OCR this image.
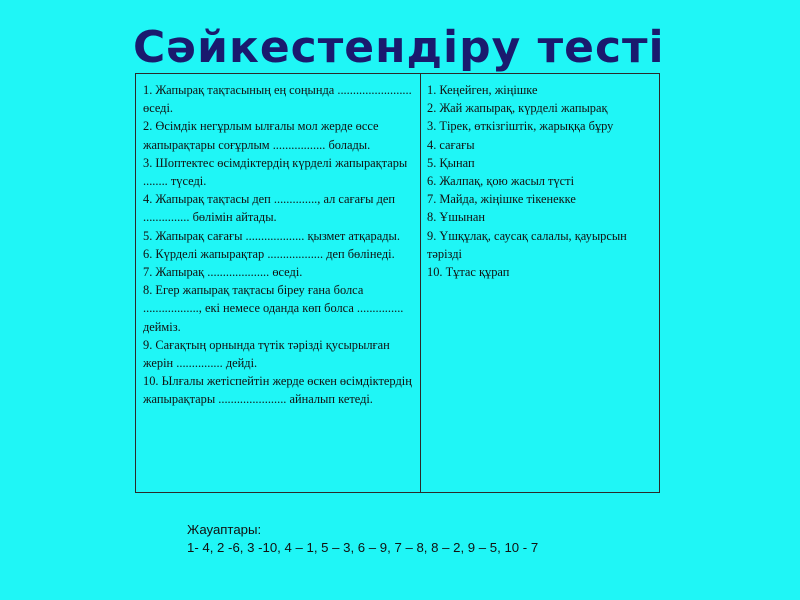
Сәйкестендіру тесті

1. Жапырақ тақтасының ең соңында ........................ өседі.

2. Өсімдік негұрлым ылғалы мол жерде өссе жапырақтары соғұрлым ................. болады.

3. Шоптектес өсімдіктердің күрделі жапырақтары ........ түседі.

4. Жапырақ тақтасы деп .............., ал сағағы деп ............... бөлімін айтады.

5. Жапырақ сағағы ................... қызмет атқарады.

6. Күрделі жапырақтар .................. деп бөлінеді.

7. Жапырақ .................... өседі.

8. Егер жапырақ тақтасы біреу ғана болса .................., екі немесе оданда көп болса ............... дейміз.

9. Сағақтың орнында түтік тәрізді қусырылған жерін ............... дейді.

10. Ылғалы жетіспейтін жерде өскен өсімдіктердің жапырақтары ...................... айналып кетеді.

1. Кеңейген, жіңішке

2. Жай жапырақ, күрделі жапырақ

3. Тірек, өткізгіштік, жарыққа бұру

4. сағағы

5. Қынап

6. Жалпақ, қою жасыл түсті

7. Майда, жіңішке тікенекке

8. Ұшынан

9. Үшқұлақ, саусақ салалы, қауырсын тәрізді

10. Тұтас құрап

Жауаптары:
1- 4, 2 -6, 3 -10, 4 – 1, 5 – 3, 6 – 9, 7 – 8, 8 – 2, 9 – 5, 10 - 7
